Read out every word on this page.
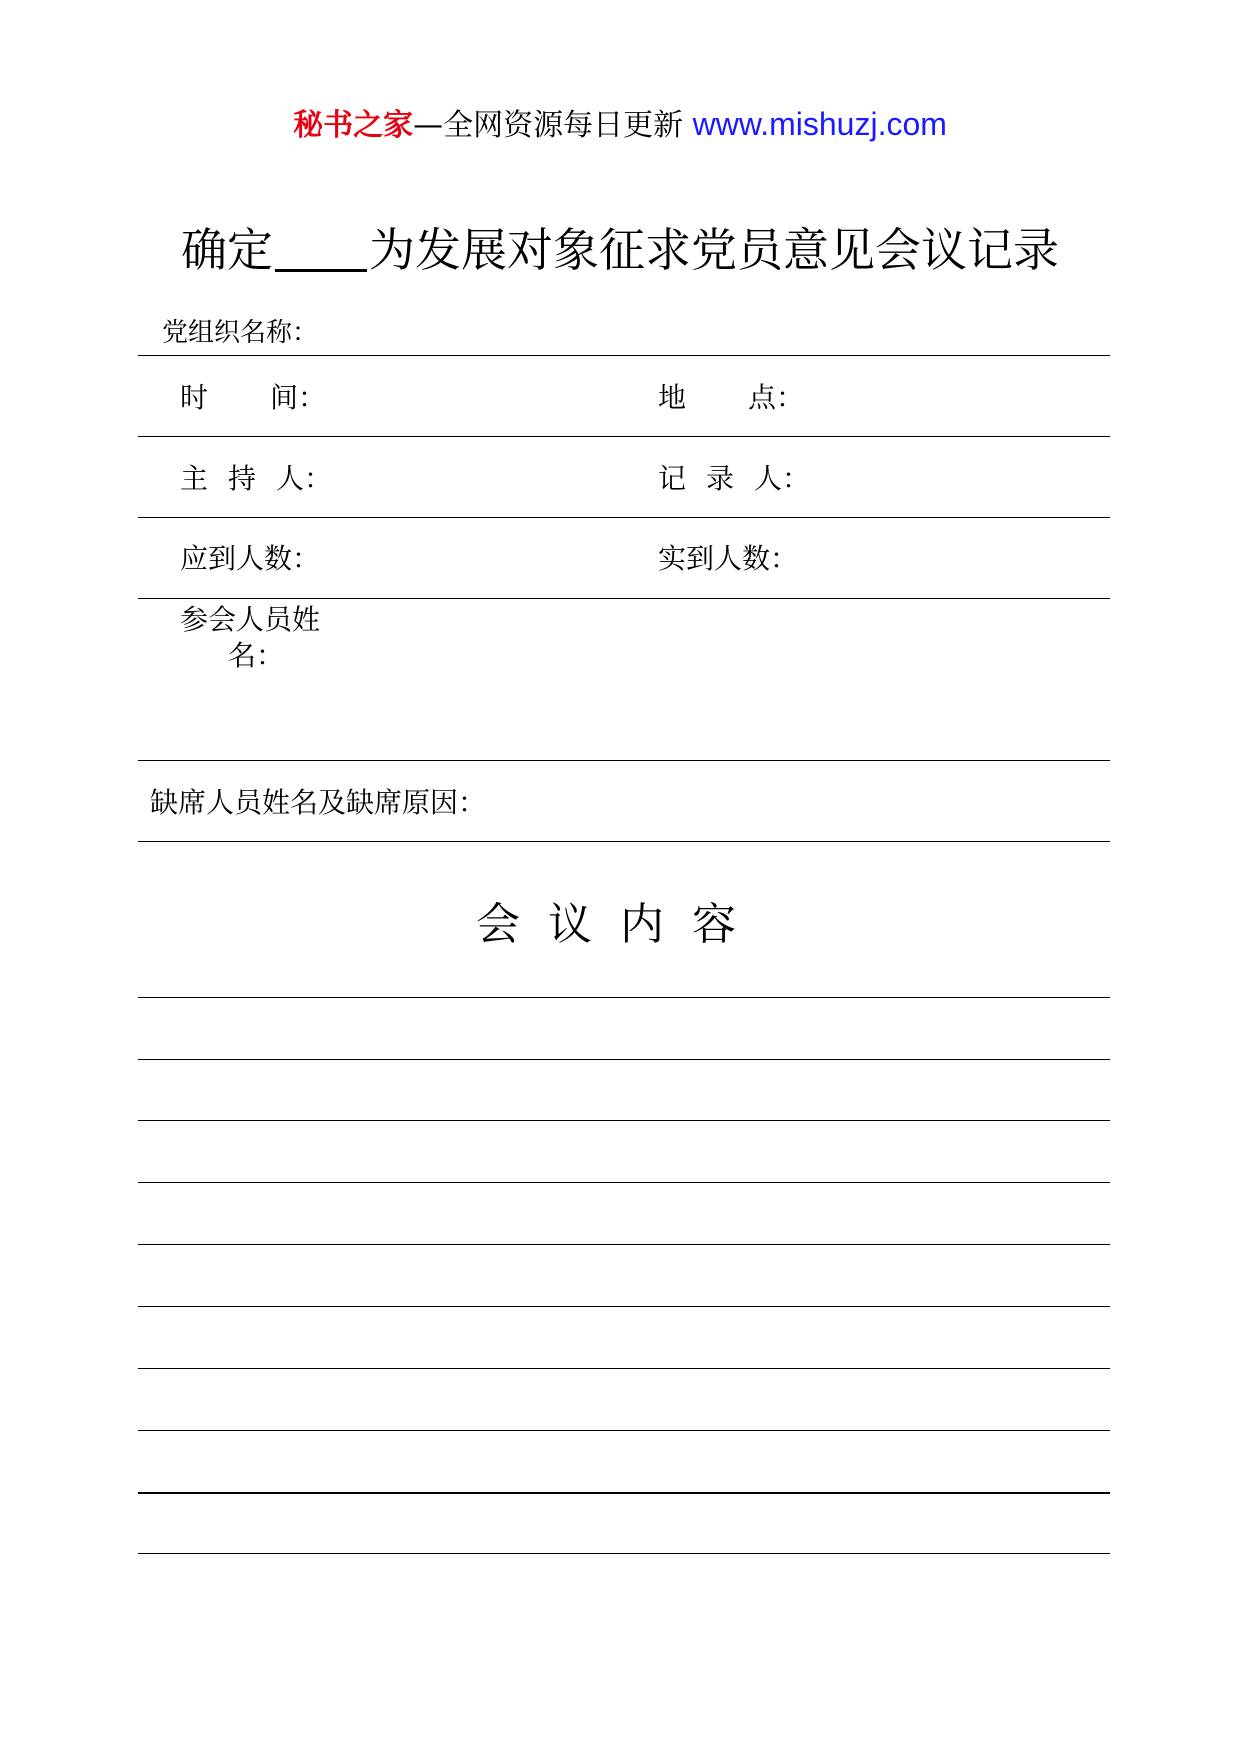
秘书之家—全网资源每日更新 www.mishuzj.com
确定 为发展对象征求党员意见会议记录
党组织名称：
时 间：	地 点：
主 持 人：	记 录 人：
应到人数：	实到人数：
参会人员姓
名：
缺席人员姓名及缺席原因：
会议内容
